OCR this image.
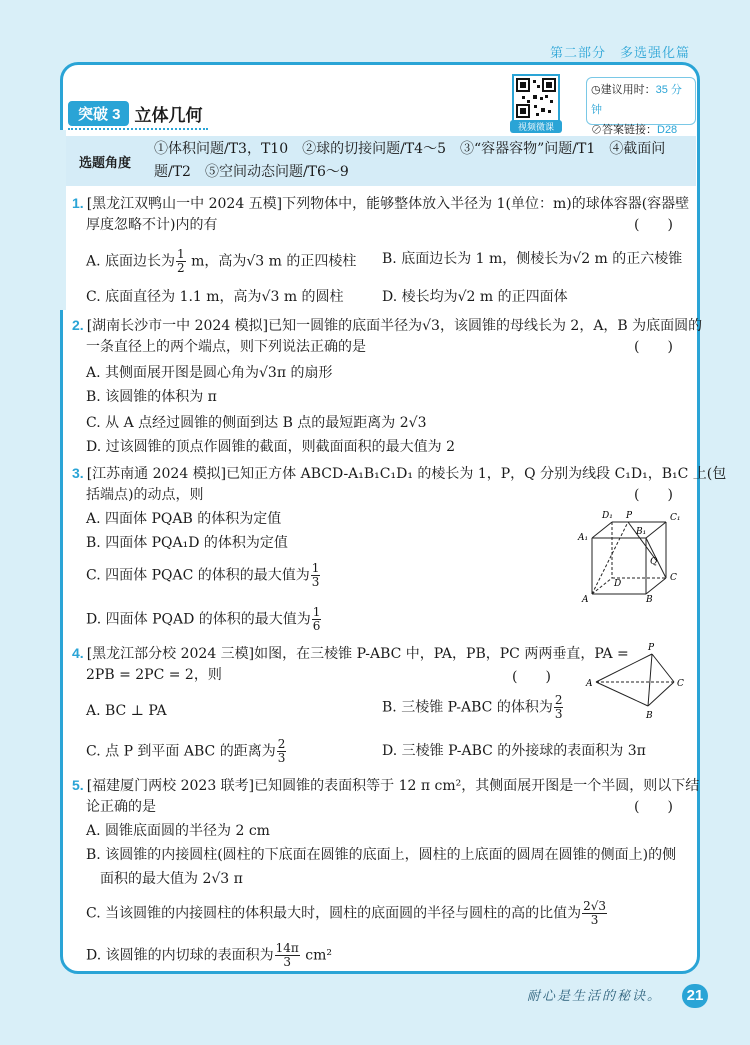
第二部分　多选强化篇
突破 3 立体几何
视频微课
◷建议用时：35 分钟
⊘答案链接：D28
选题角度
①体积问题/T3，T10　②球的切接问题/T4～5　③“容器容物”问题/T1　④截面问
题/T2　⑤空间动态问题/T6～9
1. [黑龙江双鸭山一中 2024 五模]下列物体中，能够整体放入半径为 1(单位：m)的球体容器(容器壁
厚度忽略不计)内的有	(　　)
A. 底面边长为 $\frac{1}{2}$ m，高为√3 m 的正四棱柱 B. 底面边长为 1 m，侧棱长为√2 m 的正六棱锥
C. 底面直径为 1.1 m，高为√3 m 的圆柱	D. 棱长均为√2 m 的正四面体
2. [湖南长沙市一中 2024 模拟]已知一圆锥的底面半径为√3，该圆锥的母线长为 2，A，B 为底面圆的
一条直径上的两个端点，则下列说法正确的是	(　　)
A. 其侧面展开图是圆心角为√3π 的扇形
B. 该圆锥的体积为 π
C. 从 A 点经过圆锥的侧面到达 B 点的最短距离为 2√3
D. 过该圆锥的顶点作圆锥的截面，则截面面积的最大值为 2
3. [江苏南通 2024 模拟]已知正方体 ABCD-A₁B₁C₁D₁ 的棱长为 1，P，Q 分别为线段 C₁D₁，B₁C 上(包
括端点)的动点，则	(　　)
A. 四面体 PQAB 的体积为定值
B. 四面体 PQA₁D 的体积为定值
C. 四面体 PQAC 的体积的最大值为 $\frac{1}{3}$
D. 四面体 PQAD 的体积的最大值为 $\frac{1}{6}$
D₁ P	C₁
A₁
B₁
Q
D
C
A	B
4. [黑龙江部分校 2024 三模]如图，在三棱锥 P-ABC 中，PA，PB，PC 两两垂直，PA =
2PB = 2PC = 2，则	(　　)
A. BC ⊥ PA	B. 三棱锥 P-ABC 的体积为 $\frac{2}{3}$
C. 点 P 到平面 ABC 的距离为 $\frac{2}{3}$	D. 三棱锥 P-ABC 的外接球的表面积为 3π
P
A	C
B
5. [福建厦门两校 2023 联考]已知圆锥的表面积等于 12 π cm²，其侧面展开图是一个半圆，则以下结
论正确的是	(　　)
A. 圆锥底面圆的半径为 2 cm
B. 该圆锥的内接圆柱(圆柱的下底面在圆锥的底面上，圆柱的上底面的圆周在圆锥的侧面上)的侧
面积的最大值为 2√3 π
C. 当该圆锥的内接圆柱的体积最大时，圆柱的底面圆的半径与圆柱的高的比值为 $\frac{2√3}{3}$
D. 该圆锥的内切球的表面积为 $\frac{14\pi}{3} cm^2$
耐心是生活的秘诀。	21
